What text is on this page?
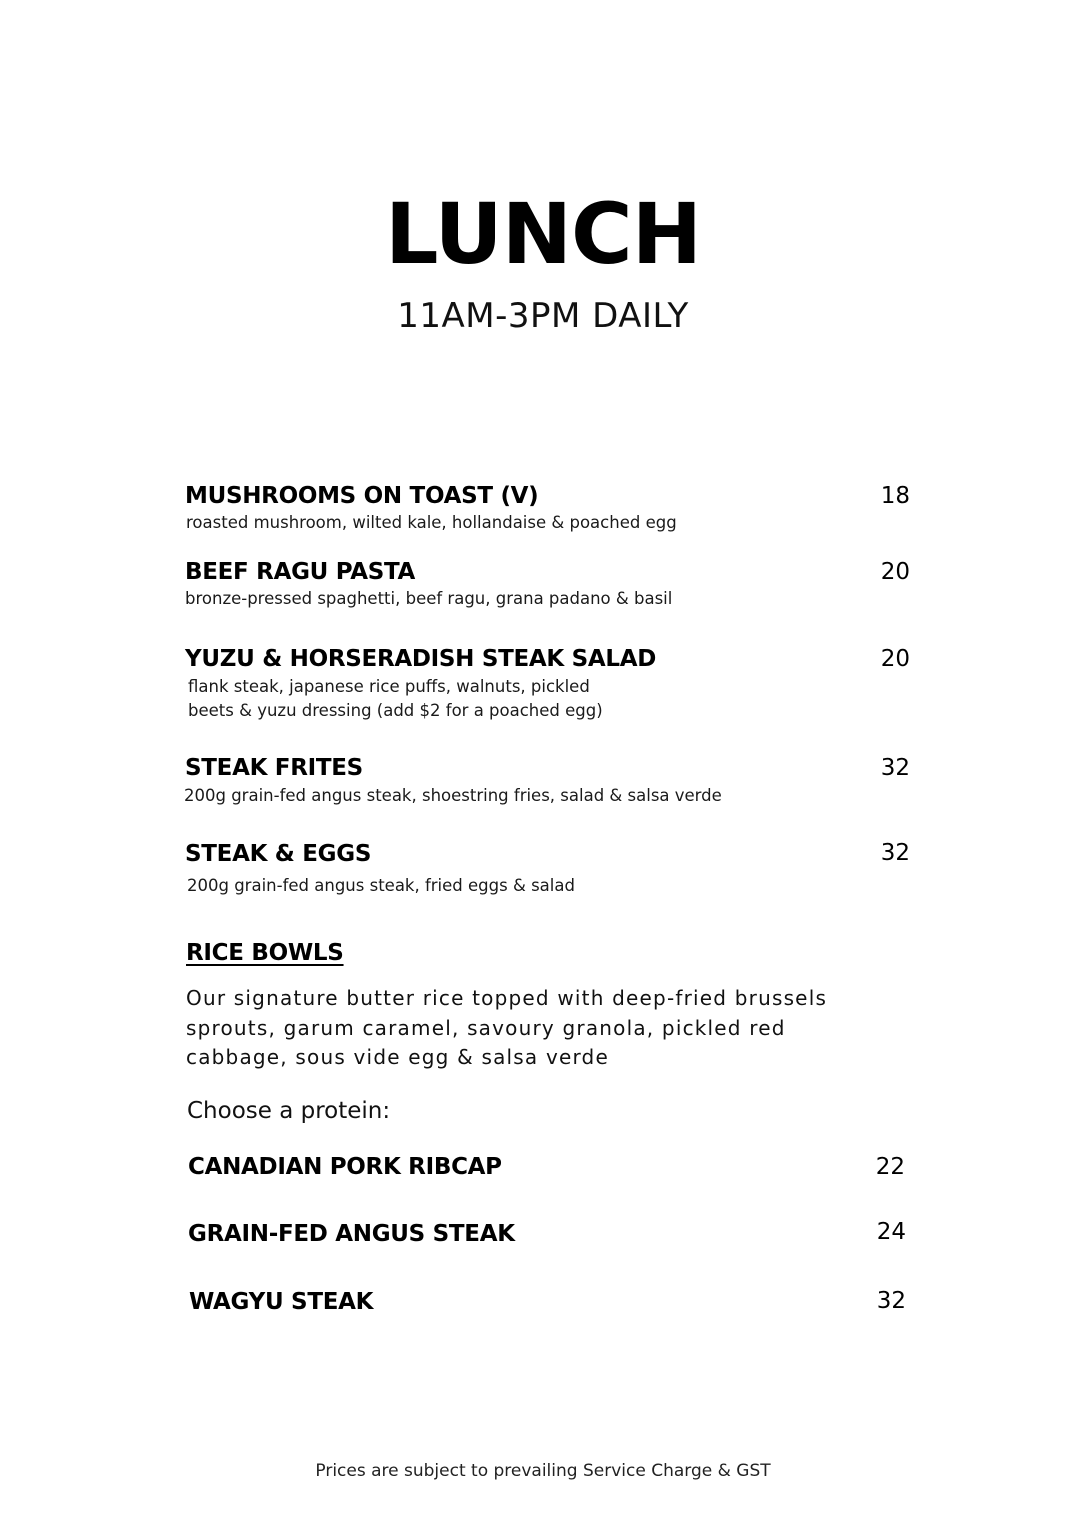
LUNCH
11AM-3PM DAILY
MUSHROOMS ON TOAST (V)	18
roasted mushroom, wilted kale, hollandaise & poached egg
BEEF RAGU PASTA	20
bronze-pressed spaghetti, beef ragu, grana padano & basil
YUZU & HORSERADISH STEAK SALAD	20
flank steak, japanese rice puffs, walnuts, pickled
beets & yuzu dressing (add $2 for a poached egg)
STEAK FRITES	32
200g grain-fed angus steak, shoestring fries, salad & salsa verde
STEAK & EGGS	32
200g grain-fed angus steak, fried eggs & salad
RICE BOWLS
Our signature butter rice topped with deep-fried brussels
sprouts, garum caramel, savoury granola, pickled red
cabbage, sous vide egg & salsa verde
Choose a protein:
CANADIAN PORK RIBCAP	22
GRAIN-FED ANGUS STEAK	24
WAGYU STEAK	32
Prices are subject to prevailing Service Charge & GST
